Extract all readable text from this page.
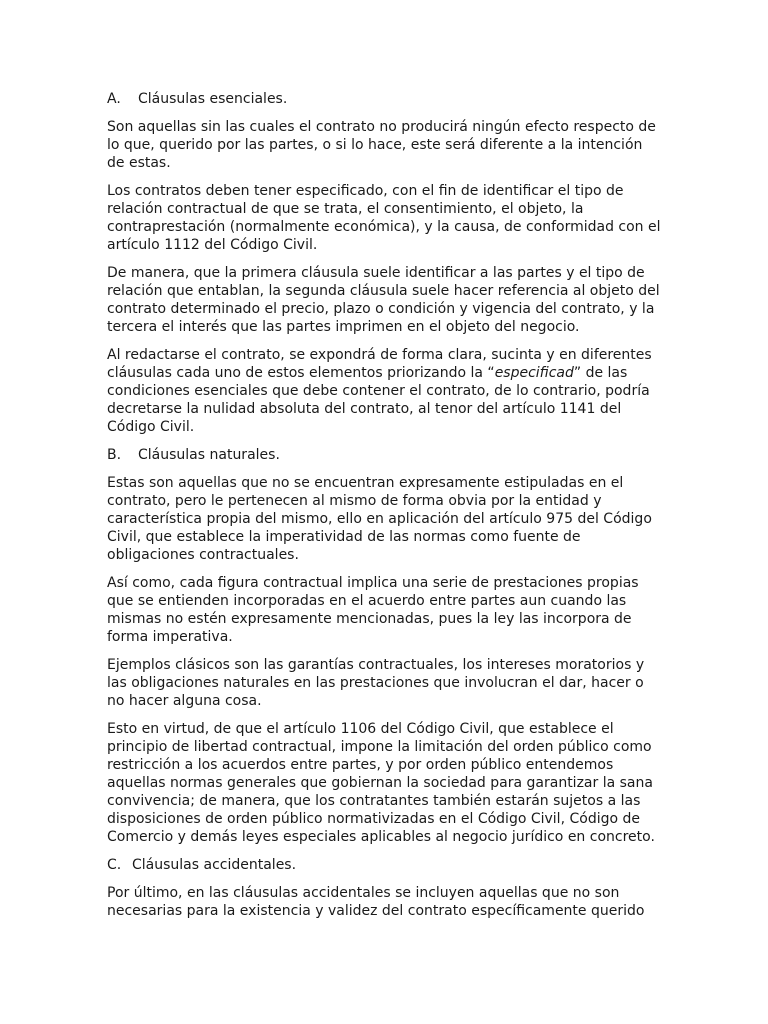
A. Cláusulas esenciales.

Son aquellas sin las cuales el contrato no producirá ningún efecto respecto de lo que, querido por las partes, o si lo hace, este será diferente a la intención de estas.

Los contratos deben tener especificado, con el fin de identificar el tipo de relación contractual de que se trata, el consentimiento, el objeto, la contraprestación (normalmente económica), y la causa, de conformidad con el artículo 1112 del Código Civil.

De manera, que la primera cláusula suele identificar a las partes y el tipo de relación que entablan, la segunda cláusula suele hacer referencia al objeto del contrato determinado el precio, plazo o condición y vigencia del contrato, y la tercera el interés que las partes imprimen en el objeto del negocio.

Al redactarse el contrato, se expondrá de forma clara, sucinta y en diferentes cláusulas cada uno de estos elementos priorizando la “especificad” de las condiciones esenciales que debe contener el contrato, de lo contrario, podría decretarse la nulidad absoluta del contrato, al tenor del artículo 1141 del Código Civil.

B. Cláusulas naturales.

Estas son aquellas que no se encuentran expresamente estipuladas en el contrato, pero le pertenecen al mismo de forma obvia por la entidad y característica propia del mismo, ello en aplicación del artículo 975 del Código Civil, que establece la imperatividad de las normas como fuente de obligaciones contractuales.

Así como, cada figura contractual implica una serie de prestaciones propias que se entienden incorporadas en el acuerdo entre partes aun cuando las mismas no estén expresamente mencionadas, pues la ley las incorpora de forma imperativa.

Ejemplos clásicos son las garantías contractuales, los intereses moratorios y las obligaciones naturales en las prestaciones que involucran el dar, hacer o no hacer alguna cosa.

Esto en virtud, de que el artículo 1106 del Código Civil, que establece el principio de libertad contractual, impone la limitación del orden público como restricción a los acuerdos entre partes, y por orden público entendemos aquellas normas generales que gobiernan la sociedad para garantizar la sana convivencia; de manera, que los contratantes también estarán sujetos a las disposiciones de orden público normativizadas en el Código Civil, Código de Comercio y demás leyes especiales aplicables al negocio jurídico en concreto.

C. Cláusulas accidentales.

Por último, en las cláusulas accidentales se incluyen aquellas que no son necesarias para la existencia y validez del contrato específicamente querido
